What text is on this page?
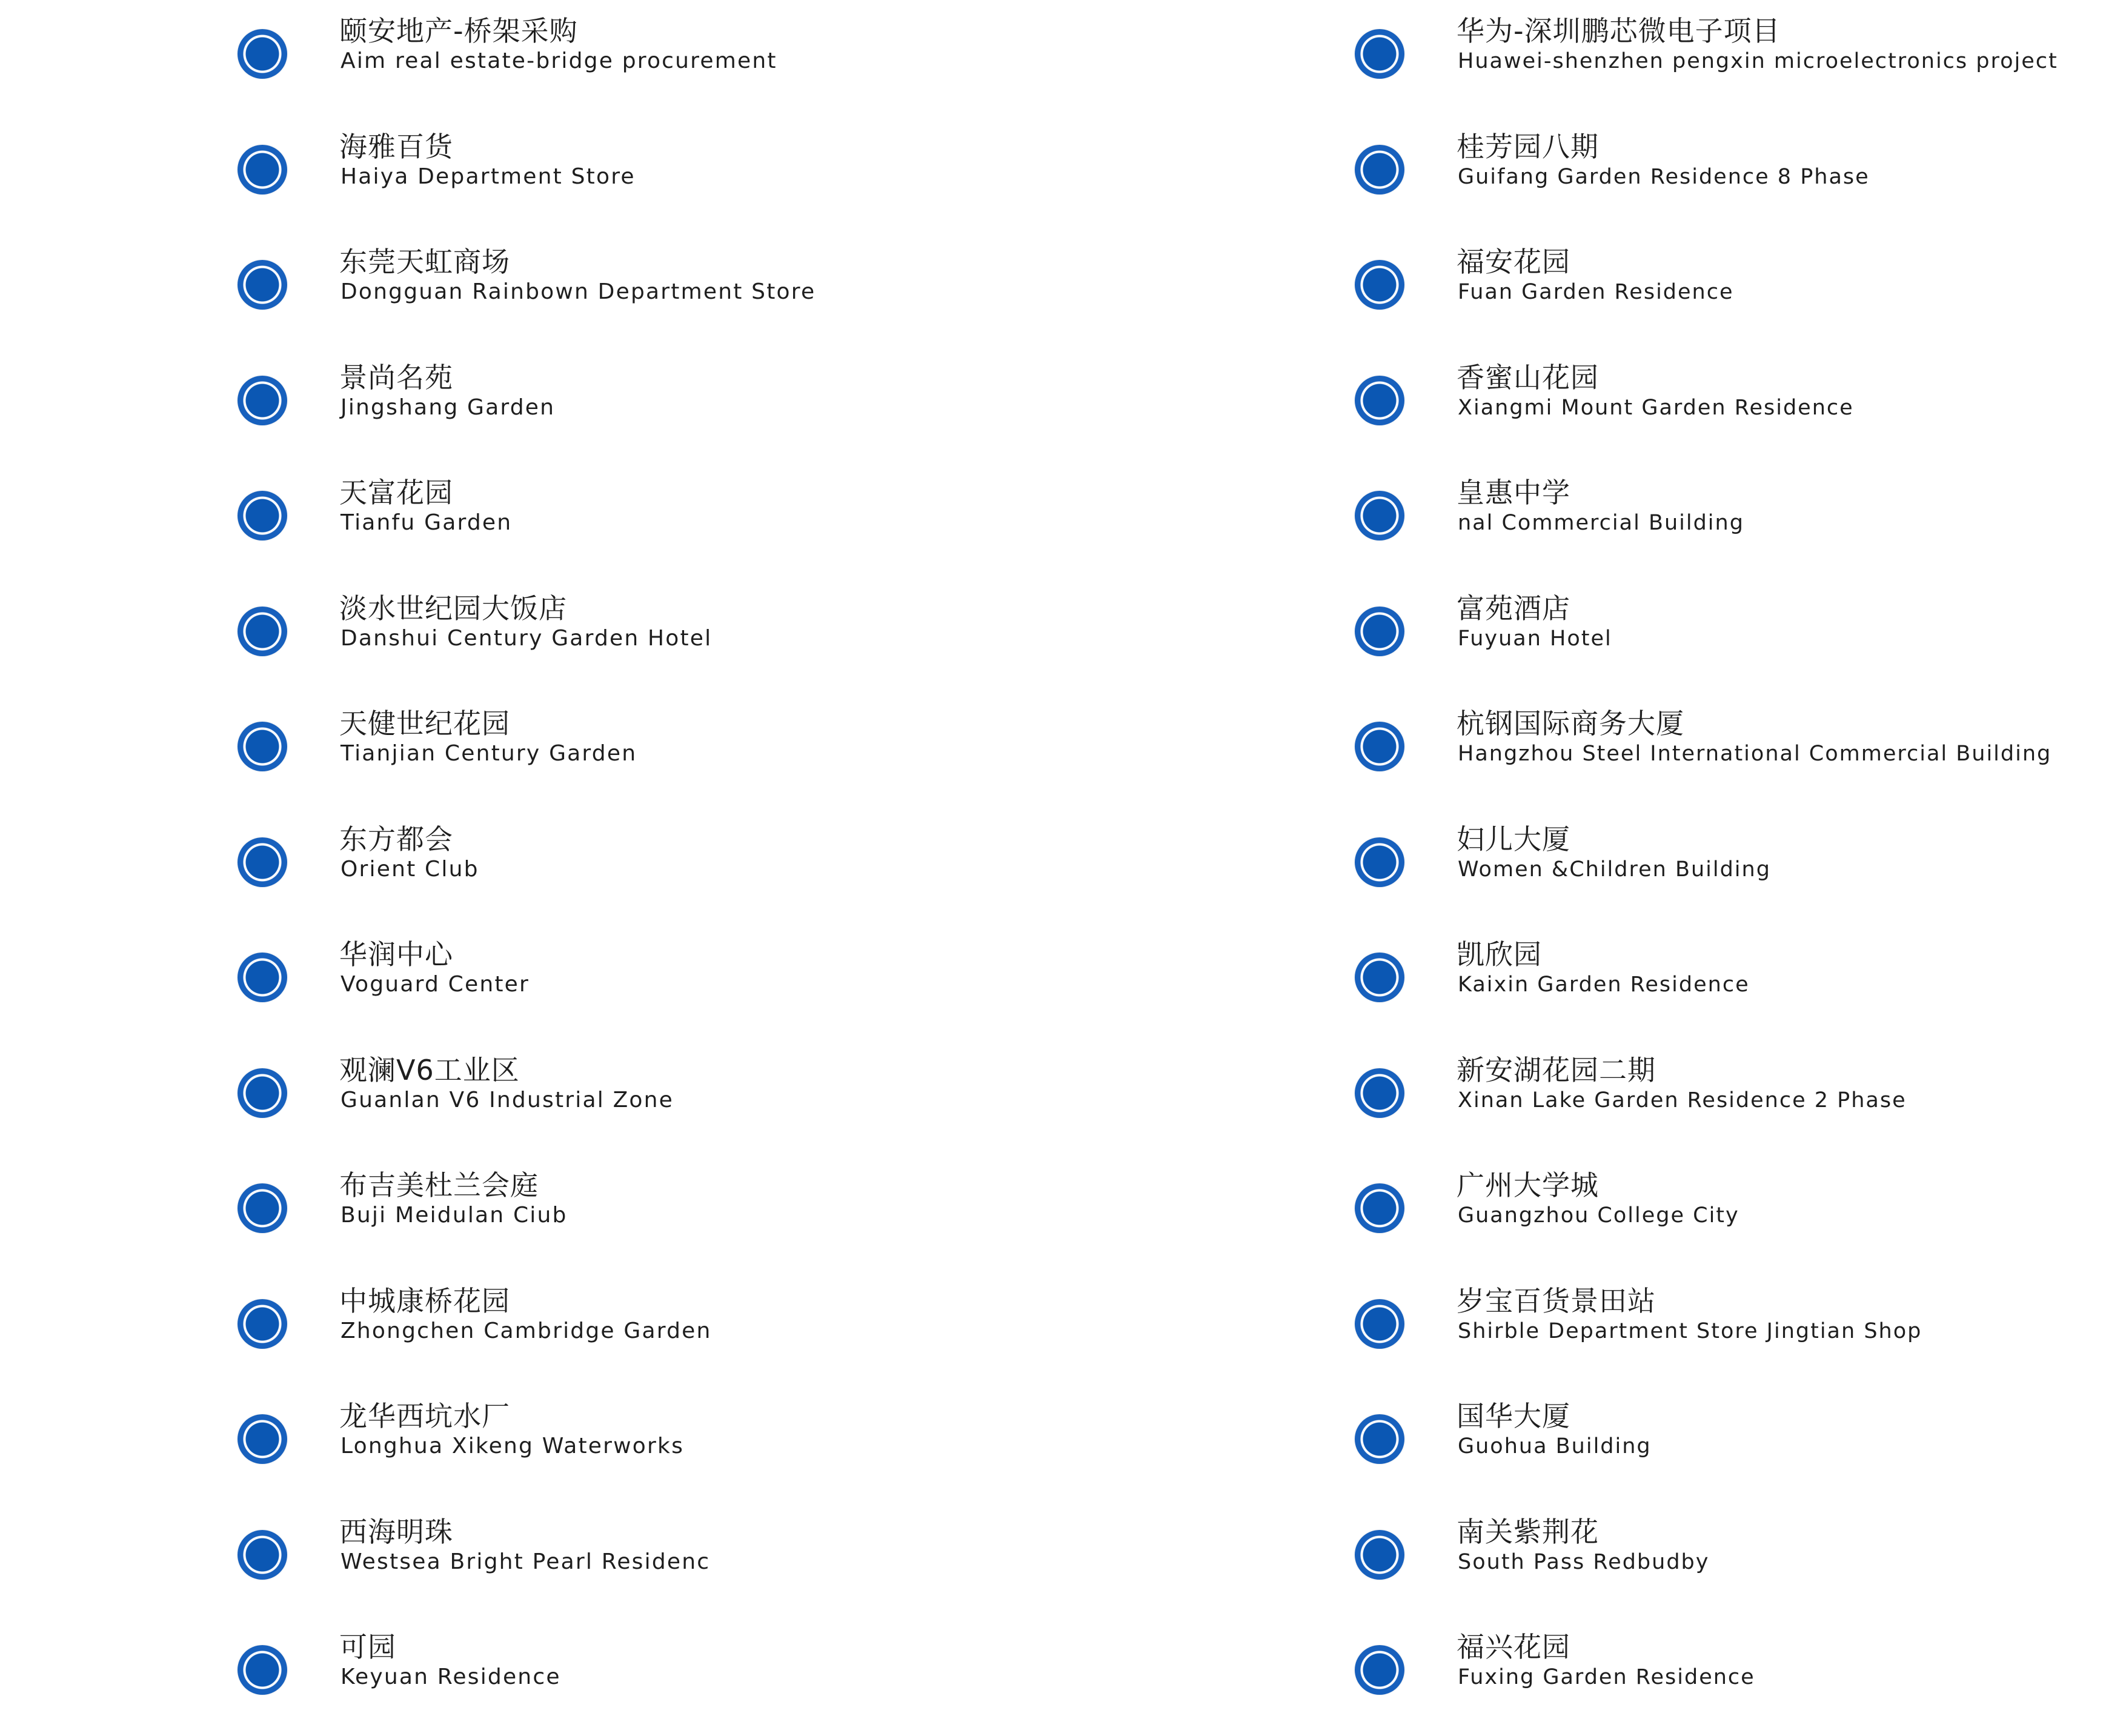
颐安地产-桥架采购
Aim real estate-bridge procurement
海雅百货
Haiya Department Store
东莞天虹商场
Dongguan Rainbown Department Store
景尚名苑
Jingshang Garden
天富花园
Tianfu Garden
淡水世纪园大饭店
Danshui Century Garden Hotel
天健世纪花园
Tianjian Century Garden
东方都会
Orient Club
华润中心
Voguard Center
观澜V6工业区
Guanlan V6 Industrial Zone
布吉美杜兰会庭
Buji Meidulan Ciub
中城康桥花园
Zhongchen Cambridge Garden
龙华西坑水厂
Longhua Xikeng Waterworks
西海明珠
Westsea Bright Pearl Residenc
可园
Keyuan Residence
华为-深圳鹏芯微电子项目
Huawei-shenzhen pengxin microelectronics project
桂芳园八期
Guifang Garden Residence 8 Phase
福安花园
Fuan Garden Residence
香蜜山花园
Xiangmi Mount Garden Residence
皇惠中学
nal Commercial Building
富苑酒店
Fuyuan Hotel
杭钢国际商务大厦
Hangzhou Steel International Commercial Building
妇儿大厦
Women &Children Building
凯欣园
Kaixin Garden Residence
新安湖花园二期
Xinan Lake Garden Residence 2 Phase
广州大学城
Guangzhou College City
岁宝百货景田站
Shirble Department Store Jingtian Shop
国华大厦
Guohua Building
南关紫荆花
South Pass Redbudby
福兴花园
Fuxing Garden Residence
